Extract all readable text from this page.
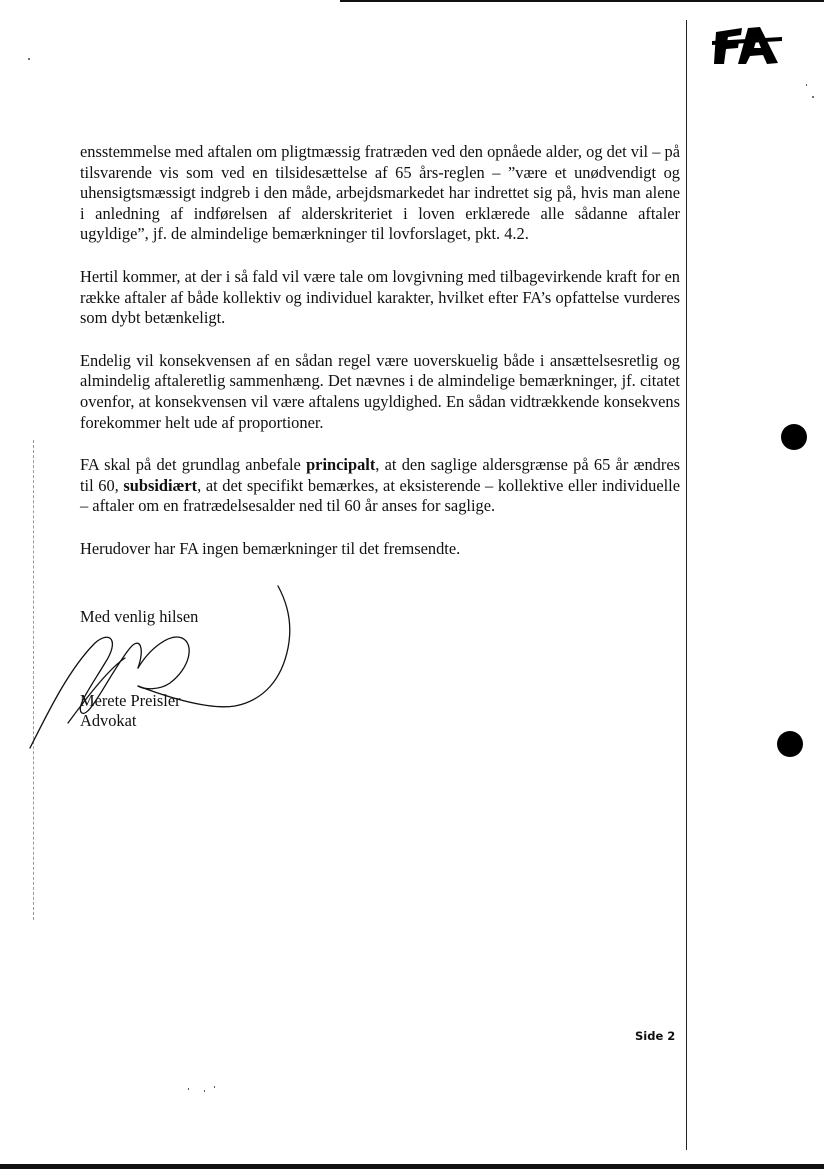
ensstemmelse med aftalen om pligtmæssig fratræden ved den opnåede alder, og det vil – på tilsvarende vis som ved en tilsidesættelse af 65 års-reglen – ”være et unødvendigt og uhensigtsmæssigt indgreb i den måde, arbejdsmarkedet har indrettet sig på, hvis man alene i anledning af indførelsen af alderskriteriet i loven erklærede alle sådanne aftaler ugyldige”, jf. de almindelige bemærkninger til lovforslaget, pkt. 4.2.

Hertil kommer, at der i så fald vil være tale om lovgivning med tilbagevirkende kraft for en række aftaler af både kollektiv og individuel karakter, hvilket efter FA’s opfattelse vurderes som dybt betænkeligt.

Endelig vil konsekvensen af en sådan regel være uoverskuelig både i ansættelsesretlig og almindelig aftaleretlig sammenhæng. Det nævnes i de almindelige bemærkninger, jf. citatet ovenfor, at konsekvensen vil være aftalens ugyldighed. En sådan vidtrækkende konsekvens forekommer helt ude af proportioner.

FA skal på det grundlag anbefale principalt, at den saglige aldersgrænse på 65 år ændres til 60, subsidiært, at det specifikt bemærkes, at eksisterende – kollektive eller individuelle – aftaler om en fratrædelsesalder ned til 60 år anses for saglige.

Herudover har FA ingen bemærkninger til det fremsendte.

Med venlig hilsen
Merete Preisler
Advokat
Side 2
